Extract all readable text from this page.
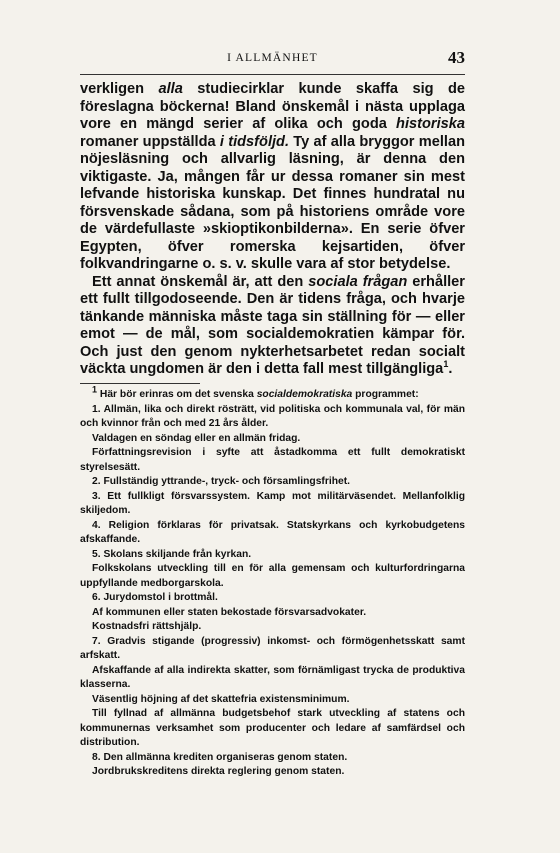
I ALLMÄNHET	43

verkligen alla studiecirklar kunde skaffa sig de föreslagna böckerna! Bland önskemål i nästa upplaga vore en mängd serier af olika och goda historiska romaner uppställda i tidsföljd. Ty af alla bryggor mellan nöjesläsning och allvarlig läsning, är denna den viktigaste. Ja, mången får ur dessa romaner sin mest lefvande historiska kunskap. Det finnes hundratal nu försvenskade sådana, som på historiens område vore de värdefullaste »skioptikonbilderna». En serie öfver Egypten, öfver romerska kejsartiden, öfver folkvandringarne o. s. v. skulle vara af stor betydelse.

Ett annat önskemål är, att den sociala frågan erhåller ett fullt tillgodoseende. Den är tidens fråga, och hvarje tänkande människa måste taga sin ställning för — eller emot — de mål, som socialdemokratien kämpar för. Och just den genom nykterhetsarbetet redan socialt väckta ungdomen är den i detta fall mest tillgängliga$^1$.

1 Här bör erinras om det svenska socialdemokratiska programmet:

1. Allmän, lika och direkt rösträtt, vid politiska och kommunala val, för män och kvinnor från och med 21 års ålder.

Valdagen en söndag eller en allmän fridag.

Författningsrevision i syfte att åstadkomma ett fullt demokratiskt styrelsesätt.

2. Fullständig yttrande-, tryck- och församlingsfrihet.

3. Ett fullkligt försvarssystem. Kamp mot militärväsendet. Mellanfolklig skiljedom.

4. Religion förklaras för privatsak. Statskyrkans och kyrkobudgetens afskaffande.

5. Skolans skiljande från kyrkan.

Folkskolans utveckling till en för alla gemensam och kulturfordringarna uppfyllande medborgarskola.

6. Jurydomstol i brottmål.

Af kommunen eller staten bekostade försvarsadvokater.

Kostnadsfri rättshjälp.

7. Gradvis stigande (progressiv) inkomst- och förmögenhetsskatt samt arfskatt.

Afskaffande af alla indirekta skatter, som förnämligast trycka de produktiva klasserna.

Väsentlig höjning af det skattefria existensminimum.

Till fyllnad af allmänna budgetsbehof stark utveckling af statens och kommunernas verksamhet som producenter och ledare af samfärdsel och distribution.

8. Den allmänna krediten organiseras genom staten.

Jordbrukskreditens direkta reglering genom staten.
